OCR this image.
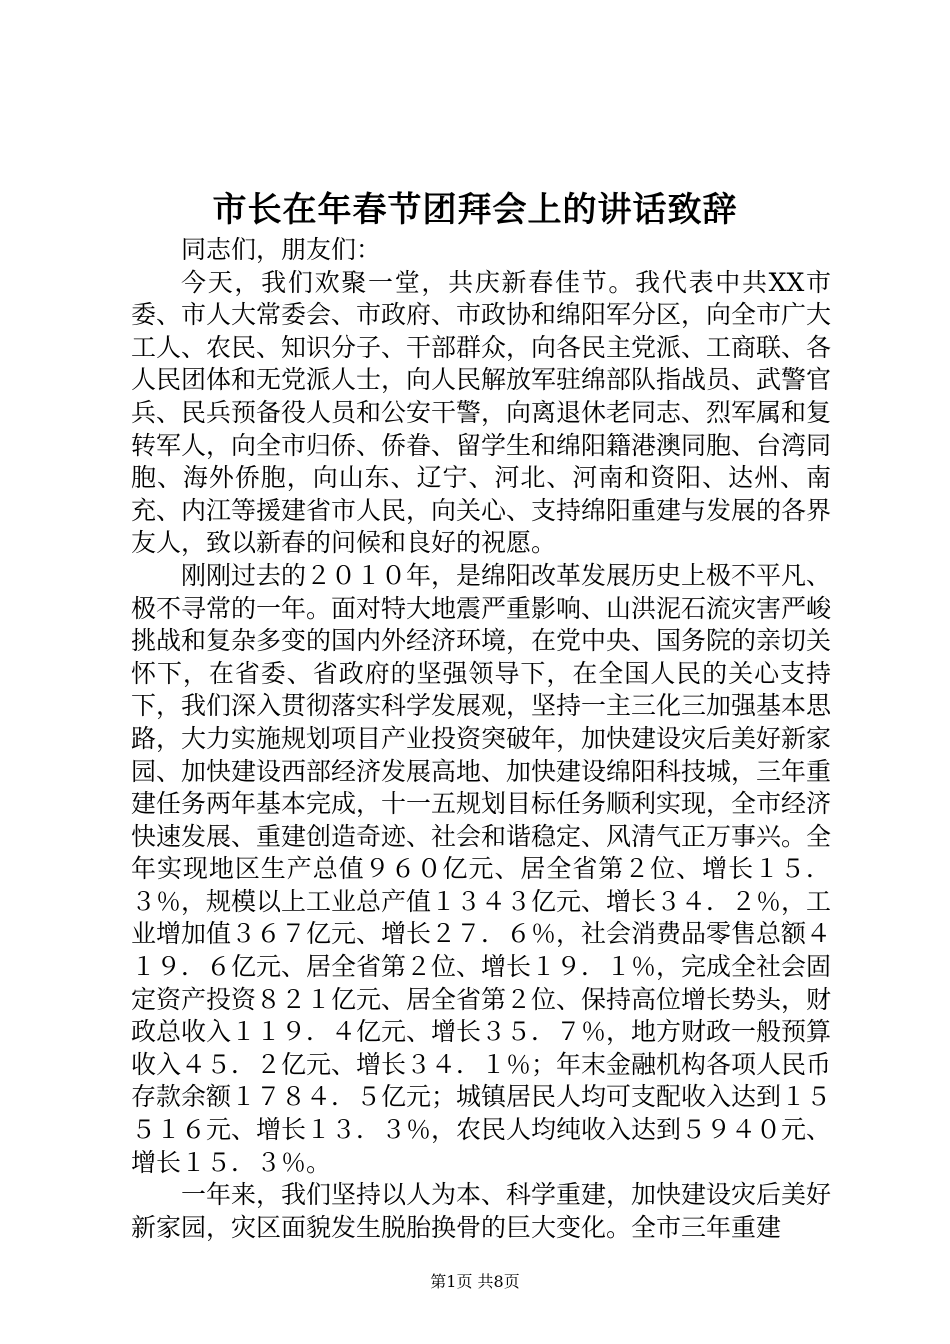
市长在年春节团拜会上的讲话致辞

同志们，朋友们：

今天，我们欢聚一堂，共庆新春佳节。我代表中共XX市委、市人大常委会、市政府、市政协和绵阳军分区，向全市广大工人、农民、知识分子、干部群众，向各民主党派、工商联、各人民团体和无党派人士，向人民解放军驻绵部队指战员、武警官兵、民兵预备役人员和公安干警，向离退休老同志、烈军属和复转军人，向全市归侨、侨眷、留学生和绵阳籍港澳同胞、台湾同胞、海外侨胞，向山东、辽宁、河北、河南和资阳、达州、南充、内江等援建省市人民，向关心、支持绵阳重建与发展的各界友人，致以新春的问候和良好的祝愿。

刚刚过去的２０１０年，是绵阳改革发展历史上极不平凡、极不寻常的一年。面对特大地震严重影响、山洪泥石流灾害严峻挑战和复杂多变的国内外经济环境，在党中央、国务院的亲切关怀下，在省委、省政府的坚强领导下，在全国人民的关心支持下，我们深入贯彻落实科学发展观，坚持一主三化三加强基本思路，大力实施规划项目产业投资突破年，加快建设灾后美好新家园、加快建设西部经济发展高地、加快建设绵阳科技城，三年重建任务两年基本完成，十一五规划目标任务顺利实现，全市经济快速发展、重建创造奇迹、社会和谐稳定、风清气正万事兴。全年实现地区生产总值９６０亿元、居全省第２位、增长１５．３％，规模以上工业总产值１３４３亿元、增长３４．２％，工业增加值３６７亿元、增长２７．６％，社会消费品零售总额４１９．６亿元、居全省第２位、增长１９．１％，完成全社会固定资产投资８２１亿元、居全省第２位、保持高位增长势头，财政总收入１１９．４亿元、增长３５．７％，地方财政一般预算收入４５．２亿元、增长３４．１％；年末金融机构各项人民币存款余额１７８４．５亿元；城镇居民人均可支配收入达到１５５１６元、增长１３．３％，农民人均纯收入达到５９４０元、增长１５．３％。

一年来，我们坚持以人为本、科学重建，加快建设灾后美好新家园，灾区面貌发生脱胎换骨的巨大变化。全市三年重建

第1页 共8页
